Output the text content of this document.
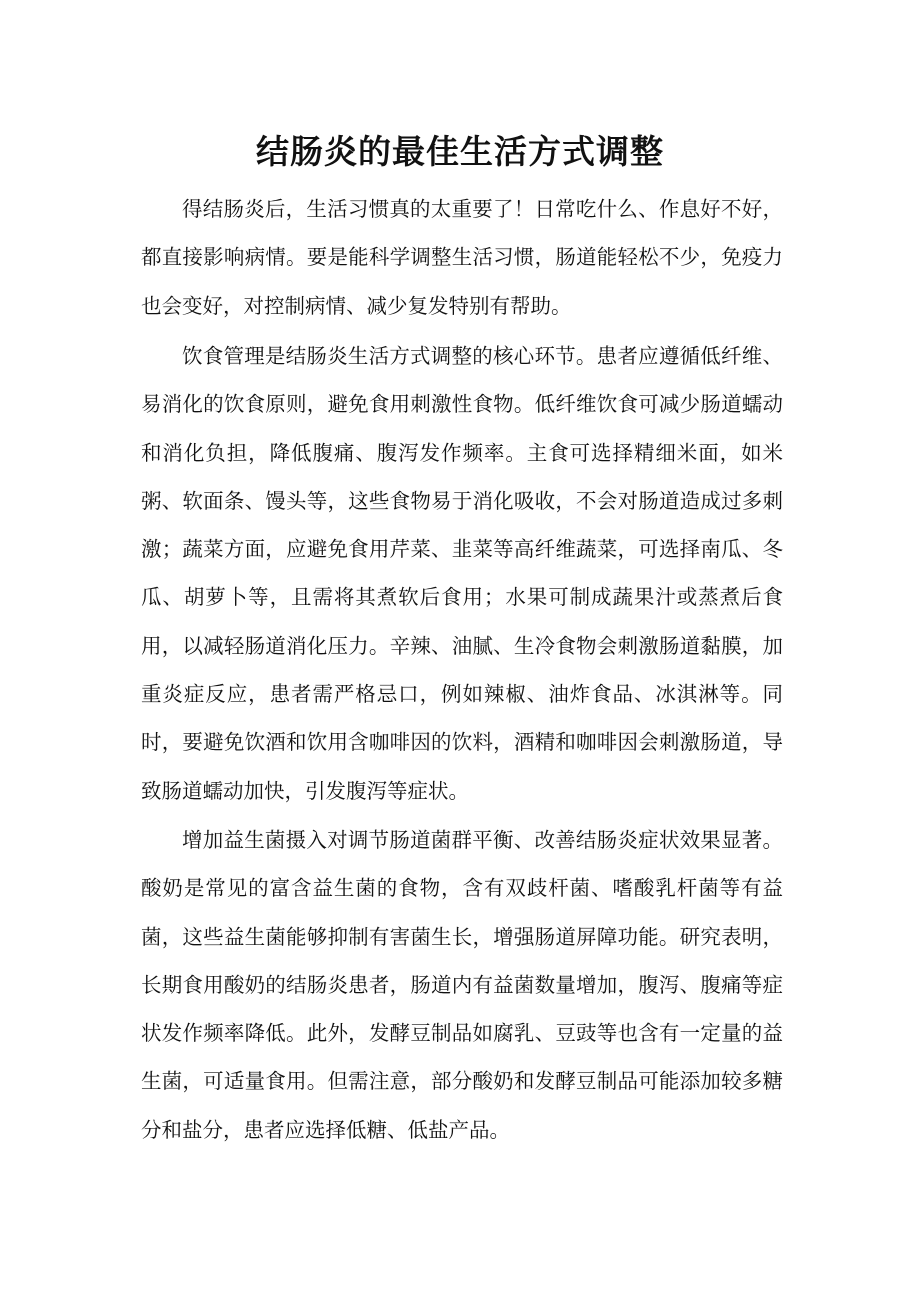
结肠炎的最佳生活方式调整

得结肠炎后，生活习惯真的太重要了！日常吃什么、作息好不好，都直接影响病情。要是能科学调整生活习惯，肠道能轻松不少，免疫力也会变好，对控制病情、减少复发特别有帮助。

饮食管理是结肠炎生活方式调整的核心环节。患者应遵循低纤维、易消化的饮食原则，避免食用刺激性食物。低纤维饮食可减少肠道蠕动和消化负担，降低腹痛、腹泻发作频率。主食可选择精细米面，如米粥、软面条、馒头等，这些食物易于消化吸收，不会对肠道造成过多刺激；蔬菜方面，应避免食用芹菜、韭菜等高纤维蔬菜，可选择南瓜、冬瓜、胡萝卜等，且需将其煮软后食用；水果可制成蔬果汁或蒸煮后食用，以减轻肠道消化压力。辛辣、油腻、生冷食物会刺激肠道黏膜，加重炎症反应，患者需严格忌口，例如辣椒、油炸食品、冰淇淋等。同时，要避免饮酒和饮用含咖啡因的饮料，酒精和咖啡因会刺激肠道，导致肠道蠕动加快，引发腹泻等症状。

增加益生菌摄入对调节肠道菌群平衡、改善结肠炎症状效果显著。酸奶是常见的富含益生菌的食物，含有双歧杆菌、嗜酸乳杆菌等有益菌，这些益生菌能够抑制有害菌生长，增强肠道屏障功能。研究表明，长期食用酸奶的结肠炎患者，肠道内有益菌数量增加，腹泻、腹痛等症状发作频率降低。此外，发酵豆制品如腐乳、豆豉等也含有一定量的益生菌，可适量食用。但需注意，部分酸奶和发酵豆制品可能添加较多糖分和盐分，患者应选择低糖、低盐产品。
